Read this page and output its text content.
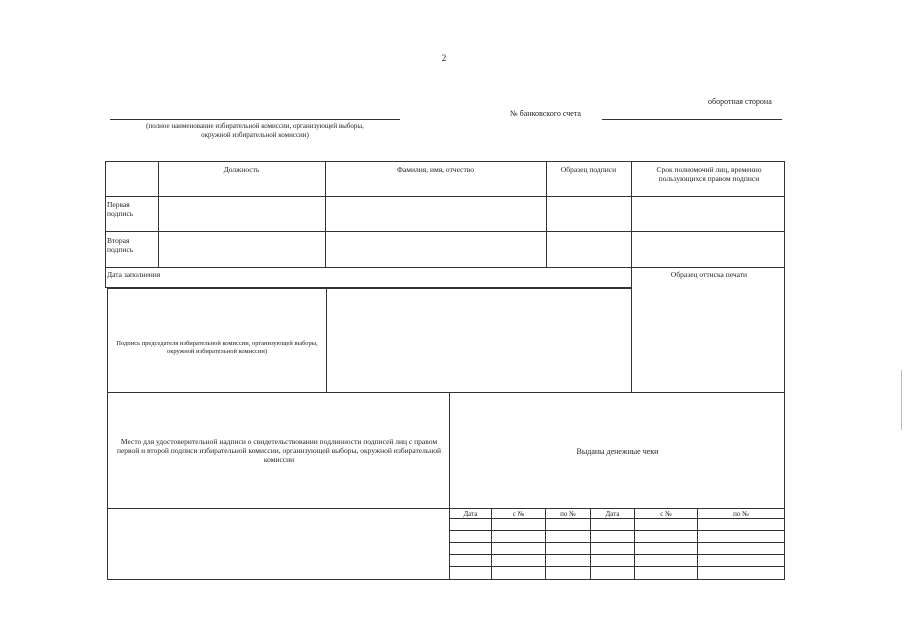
2
оборотная сторона
№ банковского счета
(полное наименование избирательной комиссии, организующей выборы,
окружной избирательной комиссии)
Должность	Фамилия, имя, отчество	Образец подписи	Срок полномочий лиц, временно пользующихся правом подписи
Первая подпись
Вторая подпись
Дата заполнения	Образец оттиска печати
Подпись председателя избирательной комиссии, организующей выборы, окружной избирательной комиссии)
Место для удостоверительной надписи о свидетельствовании подлинности подписей лиц с правом первой и второй подписи избирательной комиссии, организующей выборы, окружной избирательной комиссии
Выданы денежные чеки
Дата	с №	по №	Дата	с №	по №
